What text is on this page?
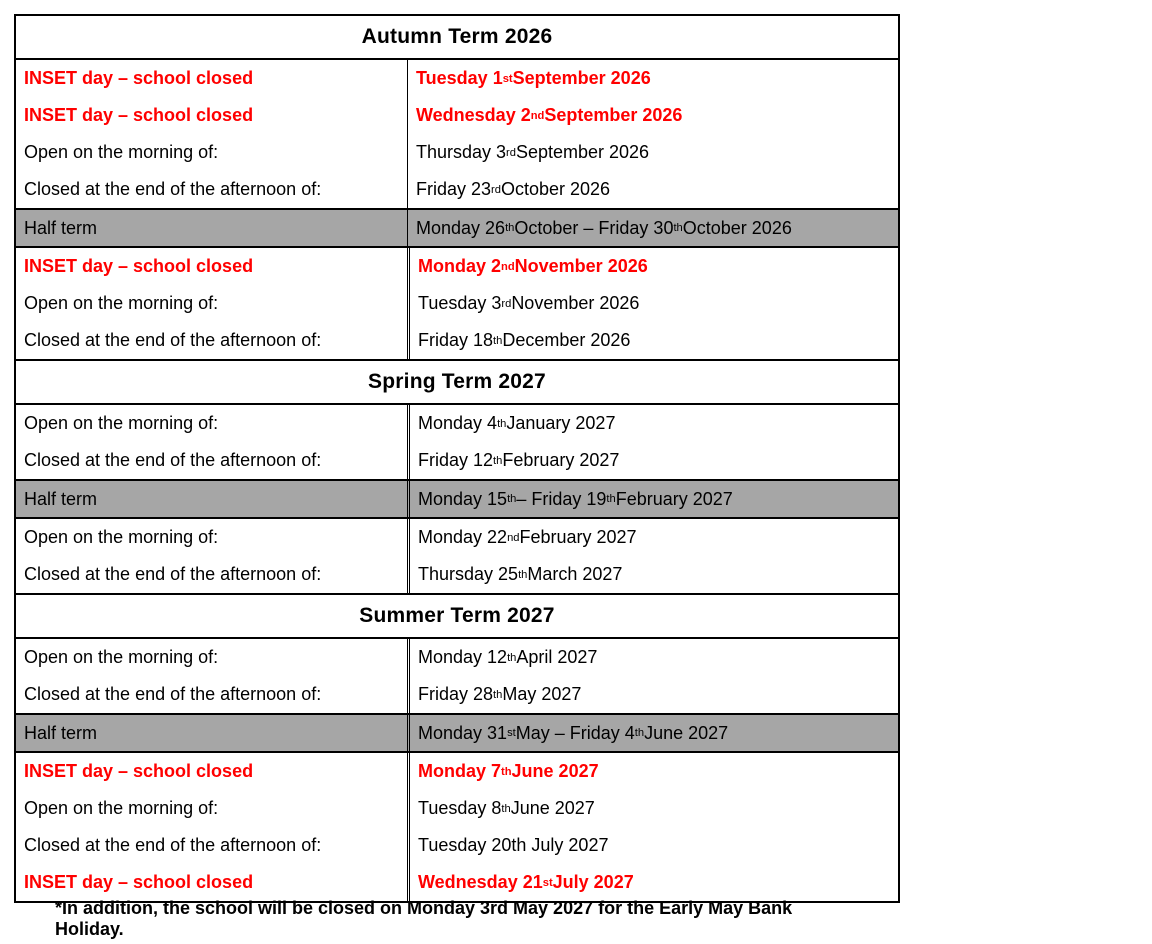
Autumn Term 2026
INSET day – school closed	Tuesday 1 st September 2026
INSET day – school closed	Wednesday 2 nd September 2026
Open on the morning of:	Thursday 3 rd September 2026
Closed at the end of the afternoon of:	Friday 23 rd October 2026
Half term	Monday 26 th October – Friday 30 th October 2026
INSET day – school closed	Monday 2 nd November 2026
Open on the morning of:	Tuesday 3 rd November 2026
Closed at the end of the afternoon of:	Friday 18 th December 2026
Spring Term 2027
Open on the morning of:	Monday 4 th January 2027
Closed at the end of the afternoon of:	Friday 12 th February 2027
Half term	Monday 15 th – Friday 19 th February 2027
Open on the morning of:	Monday 22 nd February 2027
Closed at the end of the afternoon of:	Thursday 25 th March 2027
Summer Term 2027
Open on the morning of:	Monday 12 th April 2027
Closed at the end of the afternoon of:	Friday 28 th May 2027
Half term	Monday 31 st May – Friday 4 th June 2027
INSET day – school closed	Monday 7 th June 2027
Open on the morning of:	Tuesday 8 th June 2027
Closed at the end of the afternoon of:	Tuesday 20th July 2027
INSET day – school closed	Wednesday 21 st July 2027
*In addition, the school will be closed on Monday 3rd May 2027 for the Early May Bank
Holiday.
